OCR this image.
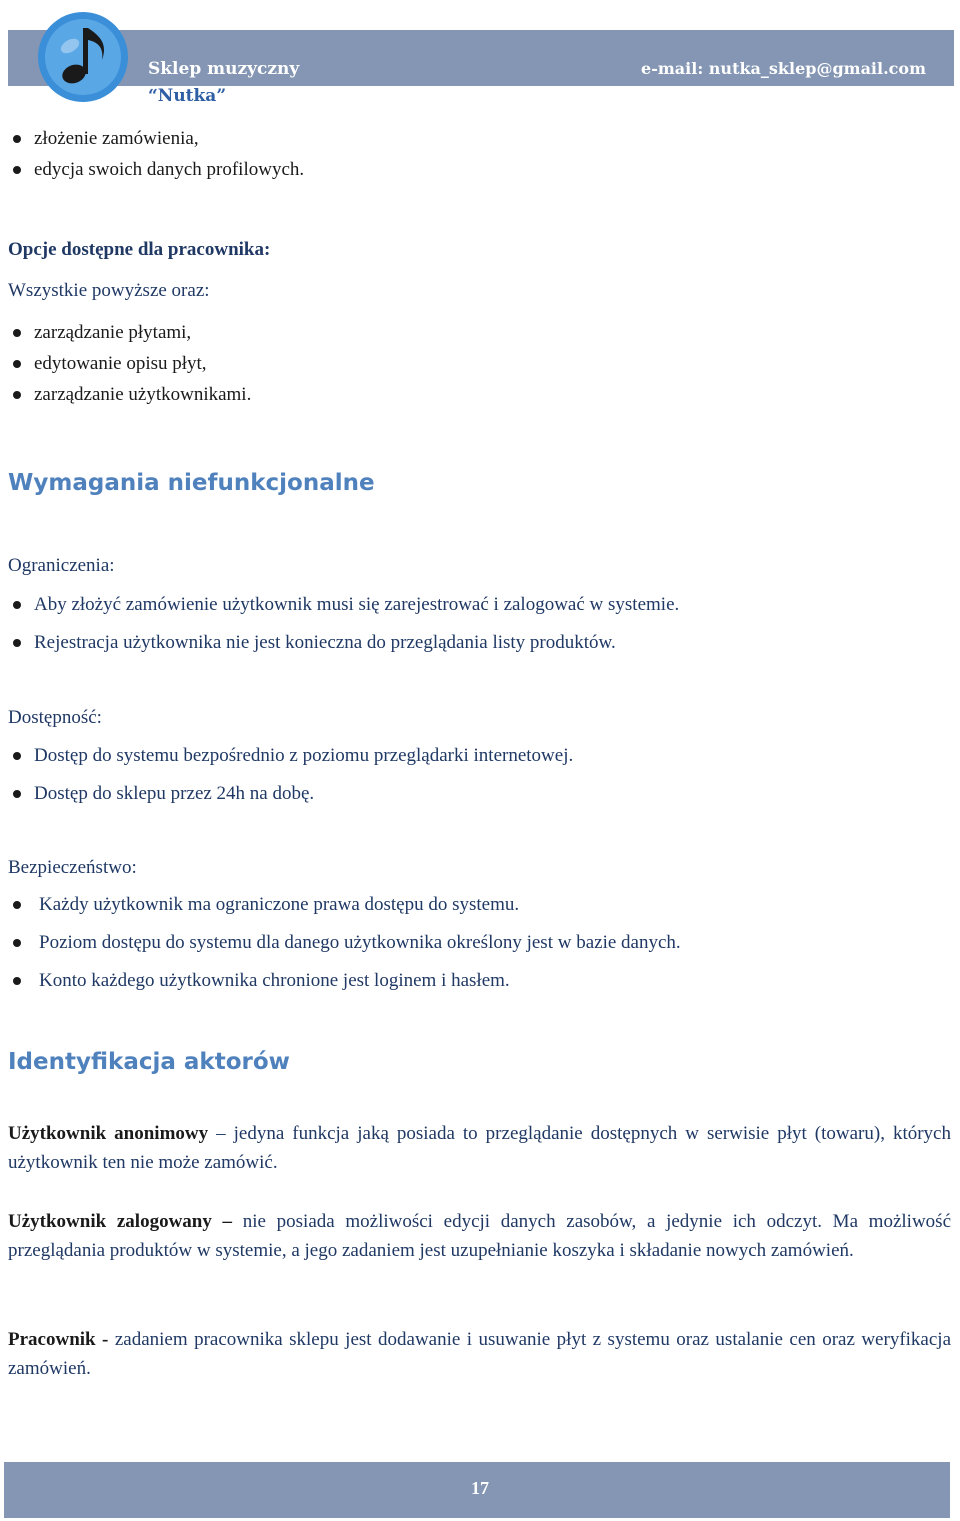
Sklep muzyczny
“Nutka”
e-mail: nutka_sklep@gmail.com
złożenie zamówienia,
edycja swoich danych profilowych.
Opcje dostępne dla pracownika:
Wszystkie powyższe oraz:
zarządzanie płytami,
edytowanie opisu płyt,
zarządzanie użytkownikami.
Wymagania niefunkcjonalne
Ograniczenia:
Aby złożyć zamówienie użytkownik musi się zarejestrować i zalogować w systemie.
Rejestracja użytkownika nie jest konieczna do przeglądania listy produktów.
Dostępność:
Dostęp do systemu bezpośrednio z poziomu przeglądarki internetowej.
Dostęp do sklepu przez 24h na dobę.
Bezpieczeństwo:
Każdy użytkownik ma ograniczone prawa dostępu do systemu.
Poziom dostępu do systemu dla danego użytkownika określony jest w bazie danych.
Konto każdego użytkownika chronione jest loginem i hasłem.
Identyfikacja aktorów
Użytkownik anonimowy – jedyna funkcja jaką posiada to przeglądanie dostępnych w serwisie płyt (towaru), których użytkownik ten nie może zamówić.
Użytkownik zalogowany – nie posiada możliwości edycji danych zasobów, a jedynie ich odczyt. Ma możliwość przeglądania produktów w systemie, a jego zadaniem jest uzupełnianie koszyka i składanie nowych zamówień.
Pracownik - zadaniem pracownika sklepu jest dodawanie i usuwanie płyt z systemu oraz ustalanie cen oraz weryfikacja zamówień.
17
